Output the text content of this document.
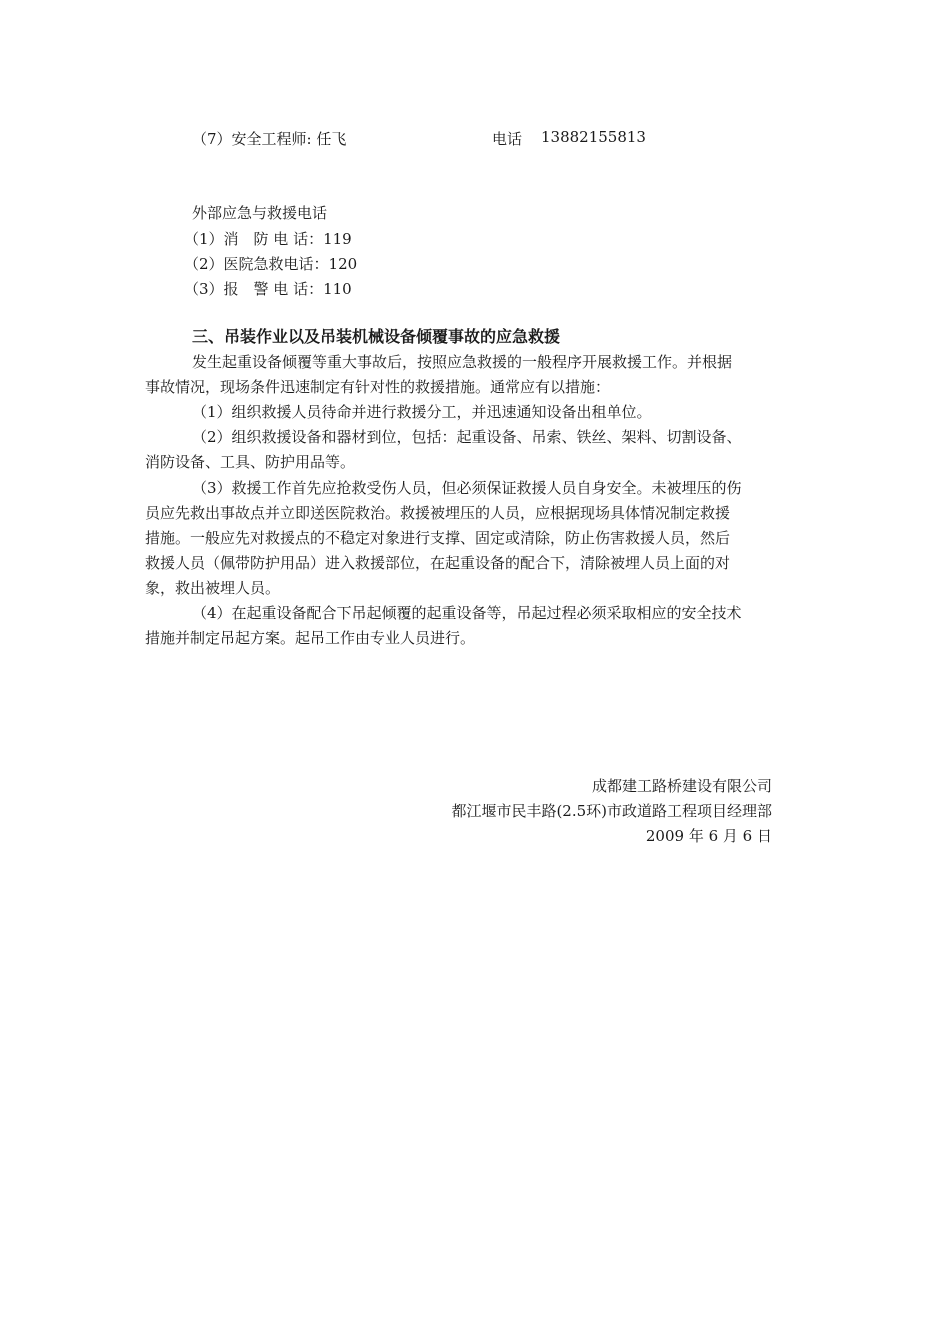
（7）安全工程师: 任飞	电话 13882155813
外部应急与救援电话
（1）消　防 电 话：119
（2）医院急救电话：120
（3）报　警 电 话：110
三、吊装作业以及吊装机械设备倾覆事故的应急救援
发生起重设备倾覆等重大事故后，按照应急救援的一般程序开展救援工作。并根据
事故情况，现场条件迅速制定有针对性的救援措施。通常应有以措施：
（1）组织救援人员待命并进行救援分工，并迅速通知设备出租单位。
（2）组织救援设备和器材到位，包括：起重设备、吊索、铁丝、架料、切割设备、
消防设备、工具、防护用品等。
（3）救援工作首先应抢救受伤人员，但必须保证救援人员自身安全。未被埋压的伤
员应先救出事故点并立即送医院救治。救援被埋压的人员，应根据现场具体情况制定救援
措施。一般应先对救援点的不稳定对象进行支撑、固定或清除，防止伤害救援人员，然后
救援人员（佩带防护用品）进入救援部位，在起重设备的配合下，清除被埋人员上面的对
象，救出被埋人员。
（4）在起重设备配合下吊起倾覆的起重设备等，吊起过程必须采取相应的安全技术
措施并制定吊起方案。起吊工作由专业人员进行。
成都建工路桥建设有限公司
都江堰市民丰路(2.5环)市政道路工程项目经理部
2009 年 6 月 6 日
